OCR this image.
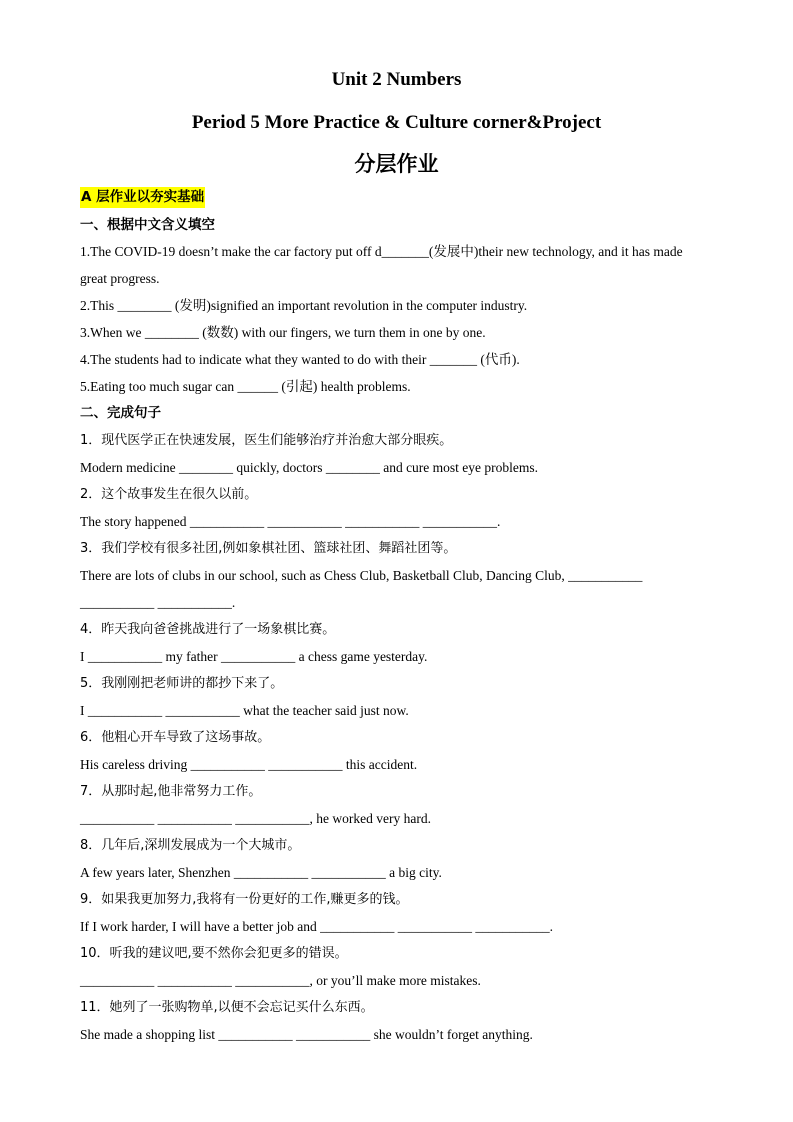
Unit 2 Numbers
Period 5 More Practice & Culture corner&Project
分层作业
A 层作业以夯实基础
一、根据中文含义填空
1.The COVID-19 doesn’t make the car factory put off d_______(发展中)their new technology, and it has made
great progress.
2.This ________ (发明)signified an important revolution in the computer industry.
3.When we ________ (数数) with our fingers, we turn them in one by one.
4.The students had to indicate what they wanted to do with their _______ (代币).
5.Eating too much sugar can ______ (引起) health problems.
二、完成句子
1．现代医学正在快速发展，医生们能够治疗并治愈大部分眼疾。
Modern medicine ________ quickly, doctors ________ and cure most eye problems.
2．这个故事发生在很久以前。
The story happened ___________ ___________ ___________ ___________.
3．我们学校有很多社团,例如象棋社团、篮球社团、舞蹈社团等。
There are lots of clubs in our school, such as Chess Club, Basketball Club, Dancing Club, ___________
___________ ___________.
4．昨天我向爸爸挑战进行了一场象棋比赛。
I ___________ my father ___________ a chess game yesterday.
5．我刚刚把老师讲的都抄下来了。
I ___________ ___________ what the teacher said just now.
6．他粗心开车导致了这场事故。
His careless driving ___________ ___________ this accident.
7．从那时起,他非常努力工作。
___________ ___________ ___________, he worked very hard.
8．几年后,深圳发展成为一个大城市。
A few years later, Shenzhen ___________ ___________ a big city.
9．如果我更加努力,我将有一份更好的工作,赚更多的钱。
If I work harder, I will have a better job and ___________ ___________ ___________.
10．听我的建议吧,要不然你会犯更多的错误。
___________ ___________ ___________, or you’ll make more mistakes.
11．她列了一张购物单,以便不会忘记买什么东西。
She made a shopping list ___________ ___________ she wouldn’t forget anything.
